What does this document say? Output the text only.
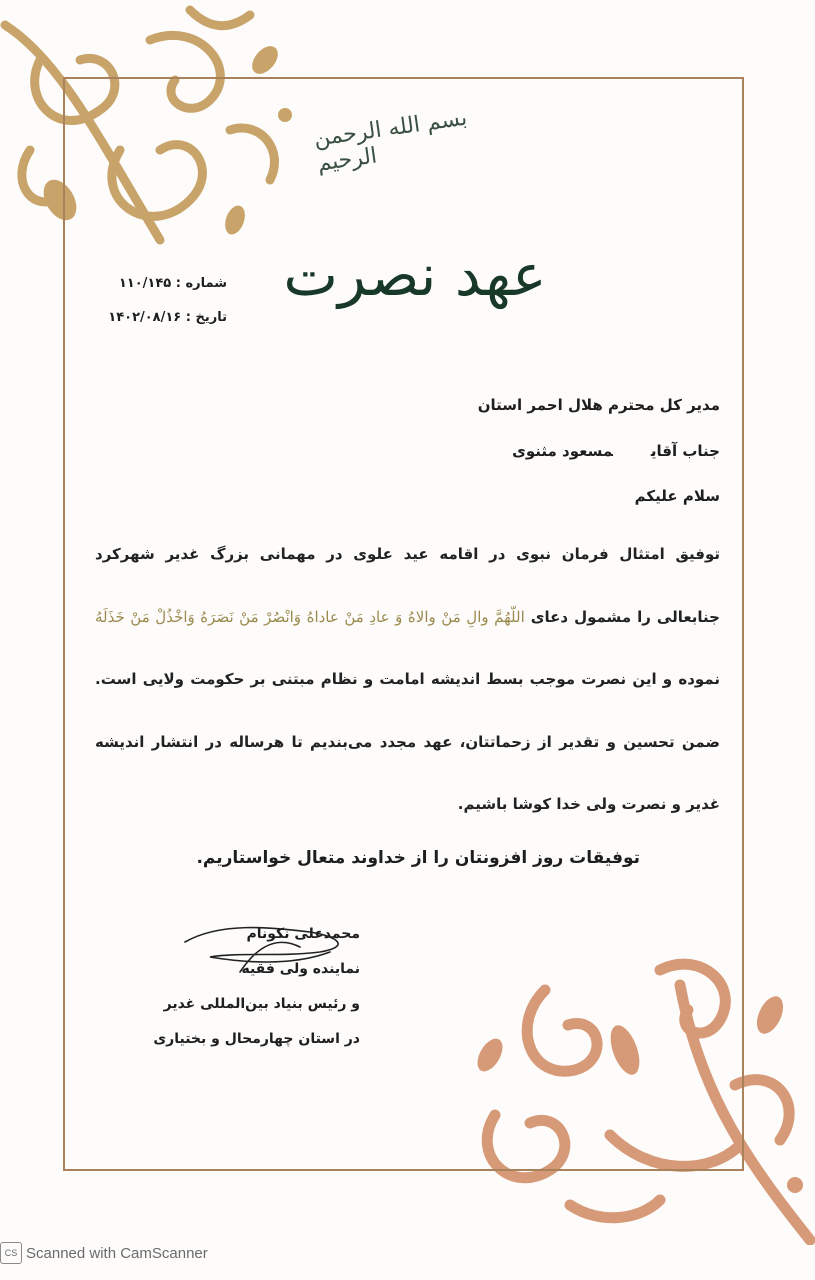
بسم الله الرحمن الرحیم
عهد نصرت
شماره : ۱۱۰/۱۴۵
تاریخ : ۱۴۰۲/۰۸/۱۶
مدیر کل محترم هلال احمر استان
جناب آقایمسعود مثنوی
سلام علیکم
توفیق امتثال فرمان نبوی در اقامه عید علوی در مهمانی بزرگ غدیر شهرکرد جنابعالی را مشمول دعای اللّهُمَّ والِ مَنْ والاهُ وَ عادِ مَنْ عاداهُ وَانْصُرْ مَنْ نَصَرَهُ وَاخْذُلْ مَنْ خَذَلَهُ نموده و این نصرت موجب بسط اندیشه امامت و نظام مبتنی بر حکومت ولایی است. ضمن تحسین و تقدیر از زحماتتان، عهد مجدد می‌بندیم تا هرساله در انتشار اندیشه غدیر و نصرت ولی خدا کوشا باشیم.
توفیقات روز افزونتان را از خداوند متعال خواستاریم.
محمدعلی نکونام
نماینده ولی فقیه
و رئیس بنیاد بین‌المللی غدیر
در استان چهارمحال و بختیاری
CS Scanned with CamScanner
